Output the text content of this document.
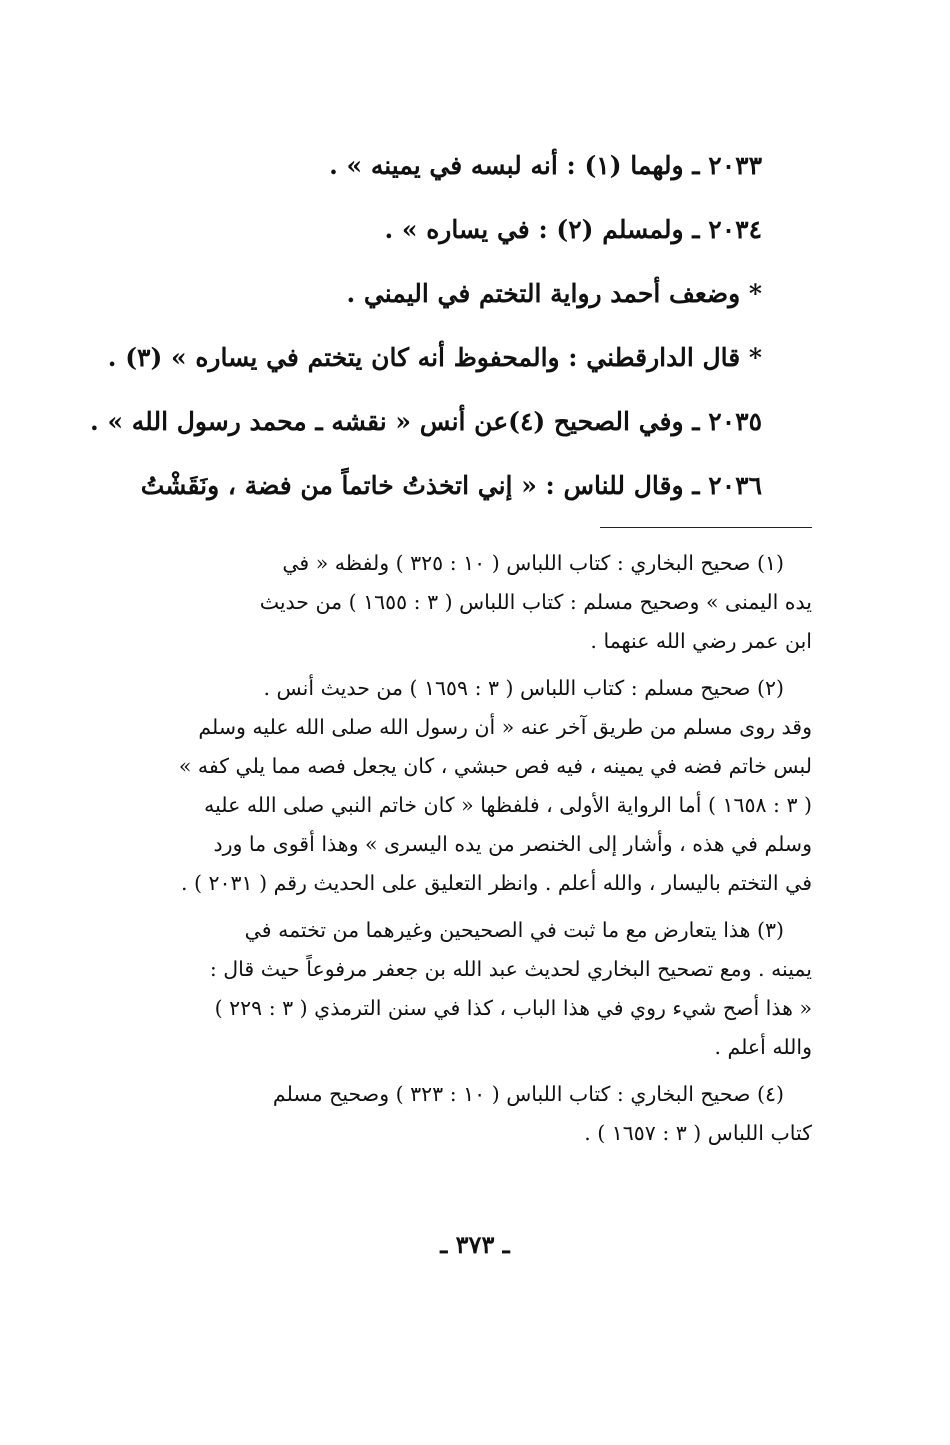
٢٠٣٣ ـ ولهما (١) : أنه لبسه في يمينه » .
٢٠٣٤ ـ ولمسلم (٢) : في يساره » .
* وضعف أحمد رواية التختم في اليمني .
* قال الدارقطني : والمحفوظ أنه كان يتختم في يساره » (٣) .
٢٠٣٥ ـ وفي الصحيح (٤)عن أنس « نقشه ـ محمد رسول الله » .
٢٠٣٦ ـ وقال للناس : « إني اتخذتُ خاتماً من فضة ، ونَقَشْتُ
(١) صحيح البخاري : كتاب اللباس ( ١٠ : ٣٢٥ ) ولفظه « في
يده اليمنى » وصحيح مسلم : كتاب اللباس ( ٣ : ١٦٥٥ ) من حديث
ابن عمر رضي الله عنهما .
(٢) صحيح مسلم : كتاب اللباس ( ٣ : ١٦٥٩ ) من حديث أنس .
وقد روى مسلم من طريق آخر عنه « أن رسول الله صلى الله عليه وسلم
لبس خاتم فضه في يمينه ، فيه فص حبشي ، كان يجعل فصه مما يلي كفه »
( ٣ : ١٦٥٨ ) أما الرواية الأولى ، فلفظها « كان خاتم النبي صلى الله عليه
وسلم في هذه ، وأشار إلى الخنصر من يده اليسرى » وهذا أقوى ما ورد
في التختم باليسار ، والله أعلم . وانظر التعليق على الحديث رقم ( ٢٠٣١ ) .
(٣) هذا يتعارض مع ما ثبت في الصحيحين وغيرهما من تختمه في
يمينه . ومع تصحيح البخاري لحديث عبد الله بن جعفر مرفوعاً حيث قال :
« هذا أصح شيء روي في هذا الباب ، كذا في سنن الترمذي ( ٣ : ٢٢٩ )
والله أعلم .
(٤) صحيح البخاري : كتاب اللباس ( ١٠ : ٣٢٣ ) وصحيح مسلم
كتاب اللباس ( ٣ : ١٦٥٧ ) .
ـ ٣٧٣ ـ
